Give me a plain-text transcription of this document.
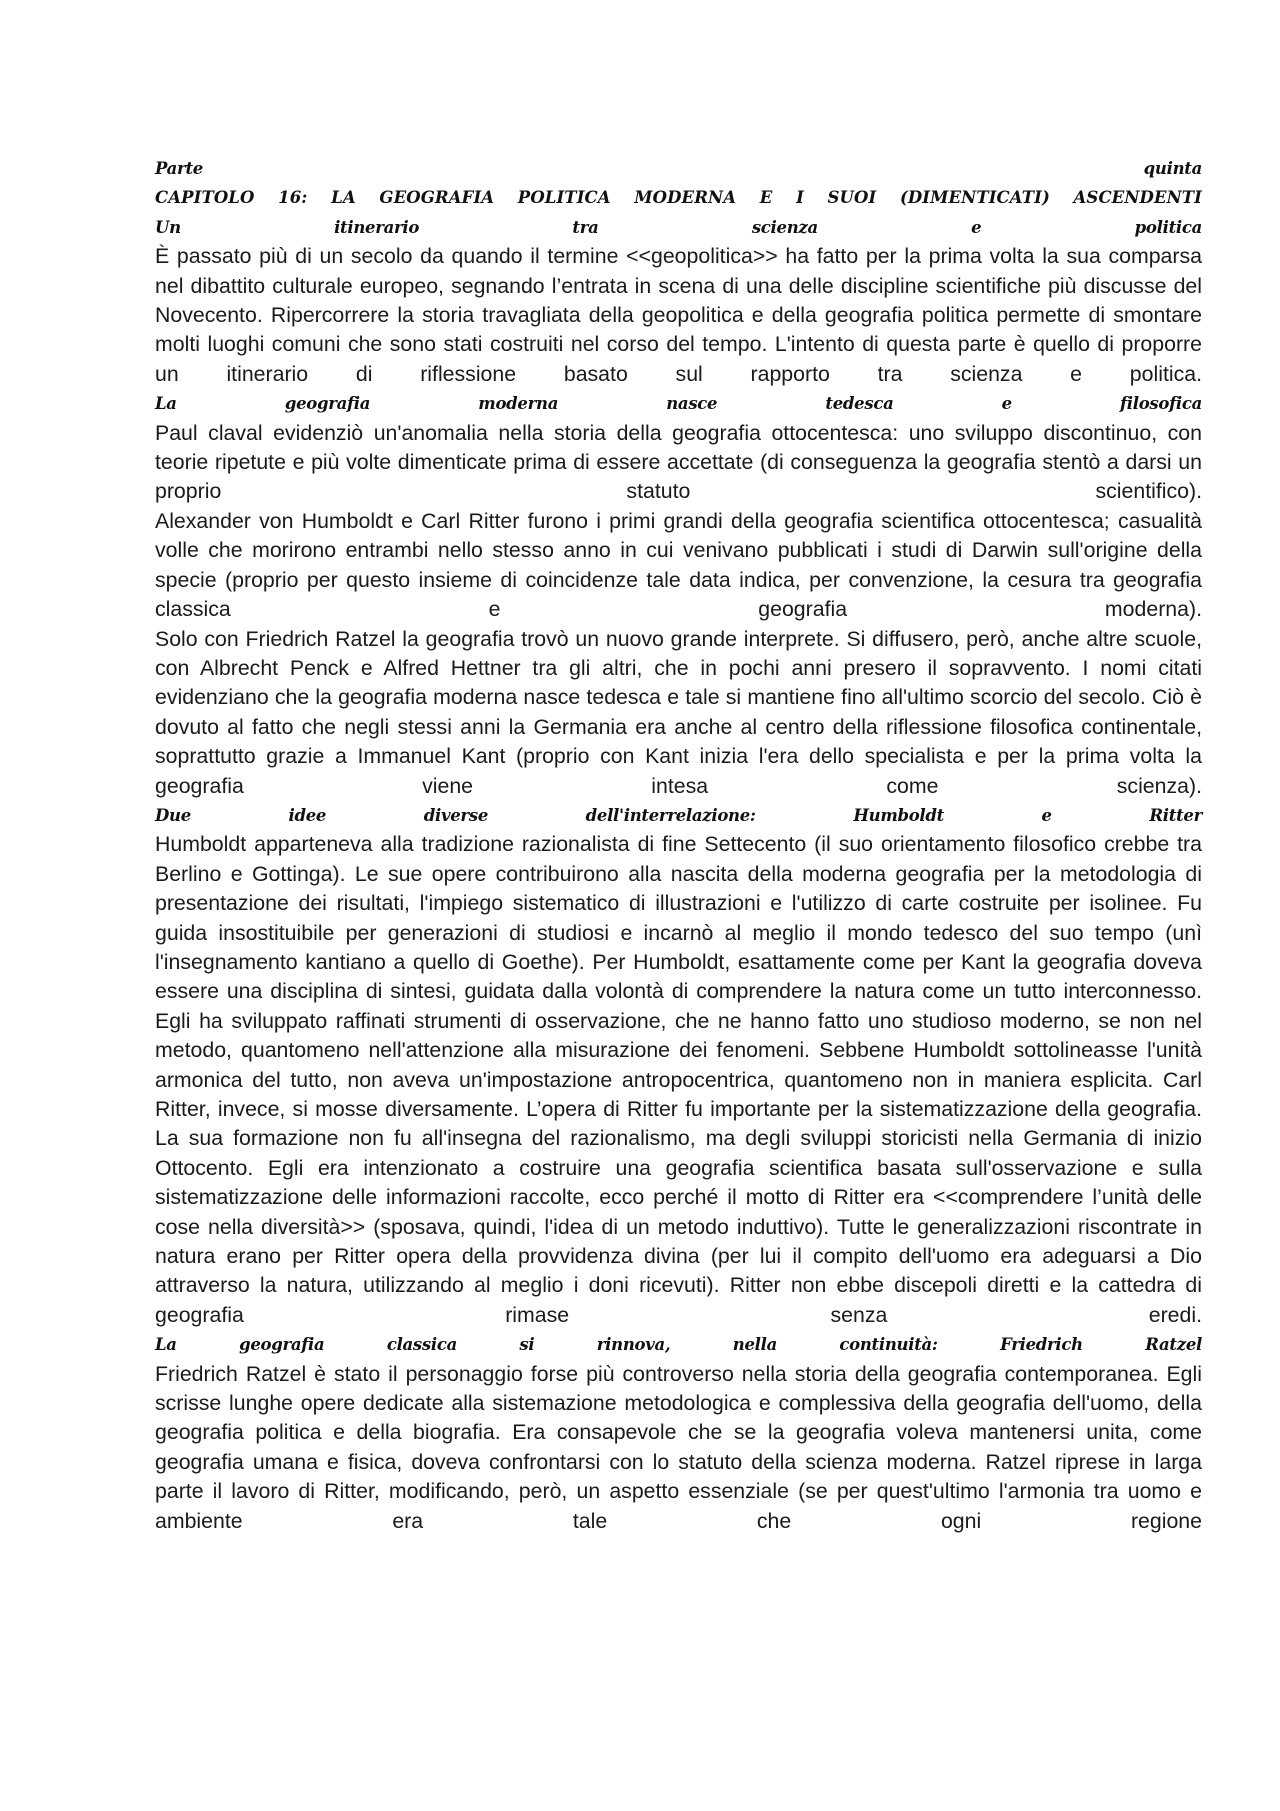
Parte quinta
CAPITOLO 16: LA GEOGRAFIA POLITICA MODERNA E I SUOI (DIMENTICATI) ASCENDENTI
Un itinerario tra scienza e politica

È passato più di un secolo da quando il termine <<geopolitica>> ha fatto per la prima volta la sua comparsa nel dibattito culturale europeo, segnando l’entrata in scena di una delle discipline scientifiche più discusse del Novecento. Ripercorrere la storia travagliata della geopolitica e della geografia politica permette di smontare molti luoghi comuni che sono stati costruiti nel corso del tempo. L'intento di questa parte è quello di proporre un itinerario di riflessione basato sul rapporto tra scienza e politica.

La geografia moderna nasce tedesca e filosofica

Paul claval evidenziò un'anomalia nella storia della geografia ottocentesca: uno sviluppo discontinuo, con teorie ripetute e più volte dimenticate prima di essere accettate (di conseguenza la geografia stentò a darsi un proprio statuto scientifico).

Alexander von Humboldt e Carl Ritter furono i primi grandi della geografia scientifica ottocentesca; casualità volle che morirono entrambi nello stesso anno in cui venivano pubblicati i studi di Darwin sull'origine della specie (proprio per questo insieme di coincidenze tale data indica, per convenzione, la cesura tra geografia classica e geografia moderna).

Solo con Friedrich Ratzel la geografia trovò un nuovo grande interprete. Si diffusero, però, anche altre scuole, con Albrecht Penck e Alfred Hettner tra gli altri, che in pochi anni presero il sopravvento. I nomi citati evidenziano che la geografia moderna nasce tedesca e tale si mantiene fino all'ultimo scorcio del secolo. Ciò è dovuto al fatto che negli stessi anni la Germania era anche al centro della riflessione filosofica continentale, soprattutto grazie a Immanuel Kant (proprio con Kant inizia l'era dello specialista e per la prima volta la geografia viene intesa come scienza).

Due idee diverse dell'interrelazione: Humboldt e Ritter

Humboldt apparteneva alla tradizione razionalista di fine Settecento (il suo orientamento filosofico crebbe tra Berlino e Gottinga). Le sue opere contribuirono alla nascita della moderna geografia per la metodologia di presentazione dei risultati, l'impiego sistematico di illustrazioni e l'utilizzo di carte costruite per isolinee. Fu guida insostituibile per generazioni di studiosi e incarnò al meglio il mondo tedesco del suo tempo (unì l'insegnamento kantiano a quello di Goethe). Per Humboldt, esattamente come per Kant la geografia doveva essere una disciplina di sintesi, guidata dalla volontà di comprendere la natura come un tutto interconnesso.

Egli ha sviluppato raffinati strumenti di osservazione, che ne hanno fatto uno studioso moderno, se non nel metodo, quantomeno nell'attenzione alla misurazione dei fenomeni. Sebbene Humboldt sottolineasse l'unità armonica del tutto, non aveva un'impostazione antropocentrica, quantomeno non in maniera esplicita. Carl Ritter, invece, si mosse diversamente. L’opera di Ritter fu importante per la sistematizzazione della geografia. La sua formazione non fu all'insegna del razionalismo, ma degli sviluppi storicisti nella Germania di inizio Ottocento. Egli era intenzionato a costruire una geografia scientifica basata sull'osservazione e sulla sistematizzazione delle informazioni raccolte, ecco perché il motto di Ritter era <<comprendere l’unità delle cose nella diversità>> (sposava, quindi, l'idea di un metodo induttivo). Tutte le generalizzazioni riscontrate in natura erano per Ritter opera della provvidenza divina (per lui il compito dell'uomo era adeguarsi a Dio attraverso la natura, utilizzando al meglio i doni ricevuti). Ritter non ebbe discepoli diretti e la cattedra di geografia rimase senza eredi.

La geografia classica si rinnova, nella continuità: Friedrich Ratzel

Friedrich Ratzel è stato il personaggio forse più controverso nella storia della geografia contemporanea. Egli scrisse lunghe opere dedicate alla sistemazione metodologica e complessiva della geografia dell'uomo, della geografia politica e della biografia. Era consapevole che se la geografia voleva mantenersi unita, come geografia umana e fisica, doveva confrontarsi con lo statuto della scienza moderna. Ratzel riprese in larga parte il lavoro di Ritter, modificando, però, un aspetto essenziale (se per quest'ultimo l'armonia tra uomo e ambiente era tale che ogni regione
